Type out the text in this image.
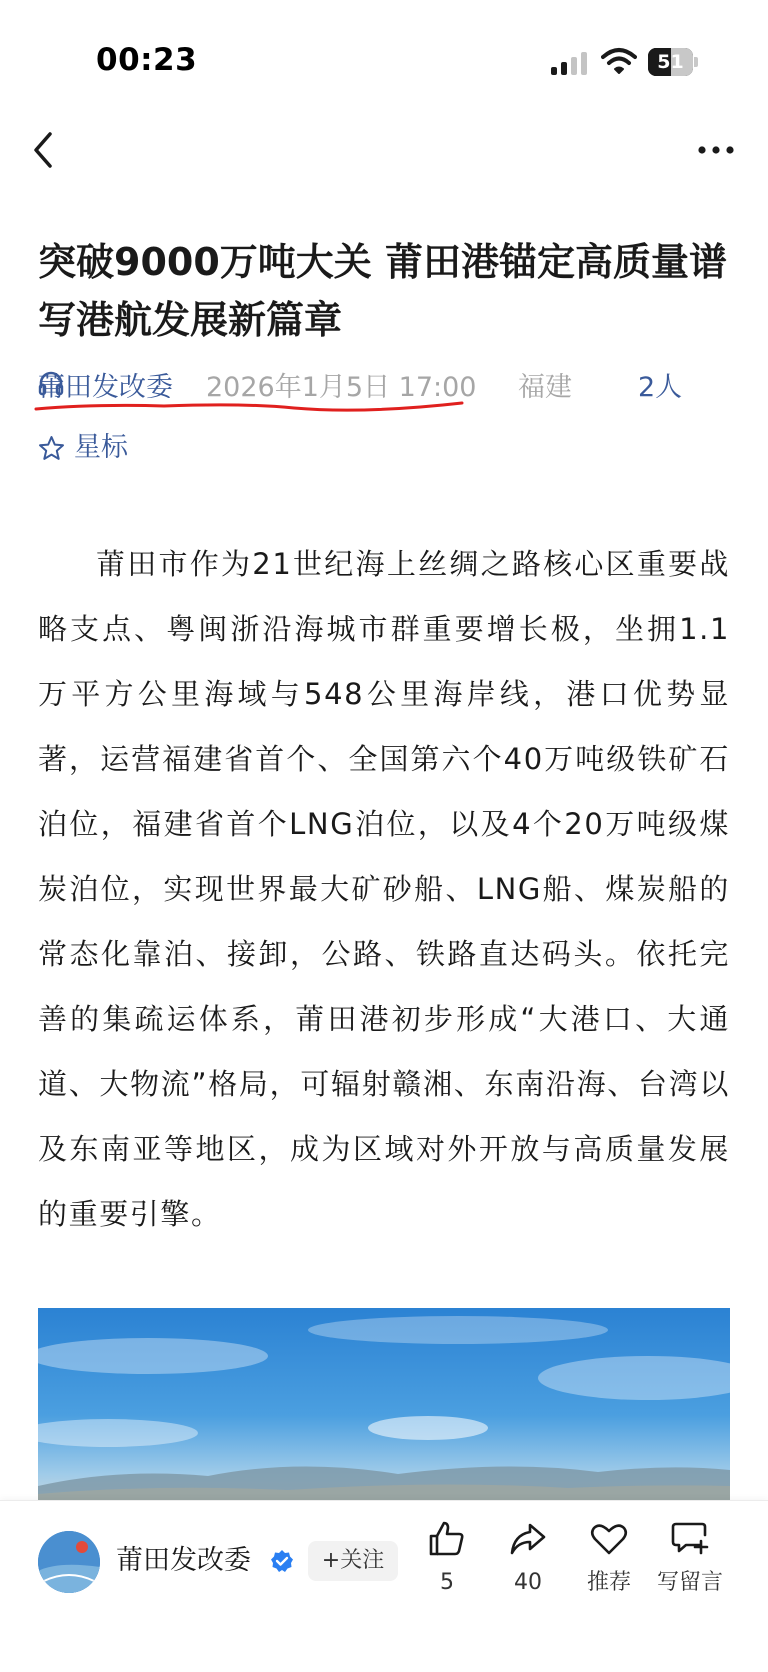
00:23	51
突破9000万吨大关 莆田港锚定高质量谱写港航发展新篇章
莆田发改委 2026年1月5日 17:00 福建 2人
星标

莆田市作为21世纪海上丝绸之路核心区重要战略支点、粤闽浙沿海城市群重要增长极，坐拥1.1万平方公里海域与548公里海岸线，港口优势显著，运营福建省首个、全国第六个40万吨级铁矿石泊位，福建省首个LNG泊位，以及4个20万吨级煤炭泊位，实现世界最大矿砂船、LNG船、煤炭船的常态化靠泊、接卸，公路、铁路直达码头。依托完善的集疏运体系，莆田港初步形成“大港口、大通道、大物流”格局，可辐射赣湘、东南沿海、台湾以及东南亚等地区，成为区域对外开放与高质量发展的重要引擎。

莆田发改委	+关注
5	40	推荐	写留言
